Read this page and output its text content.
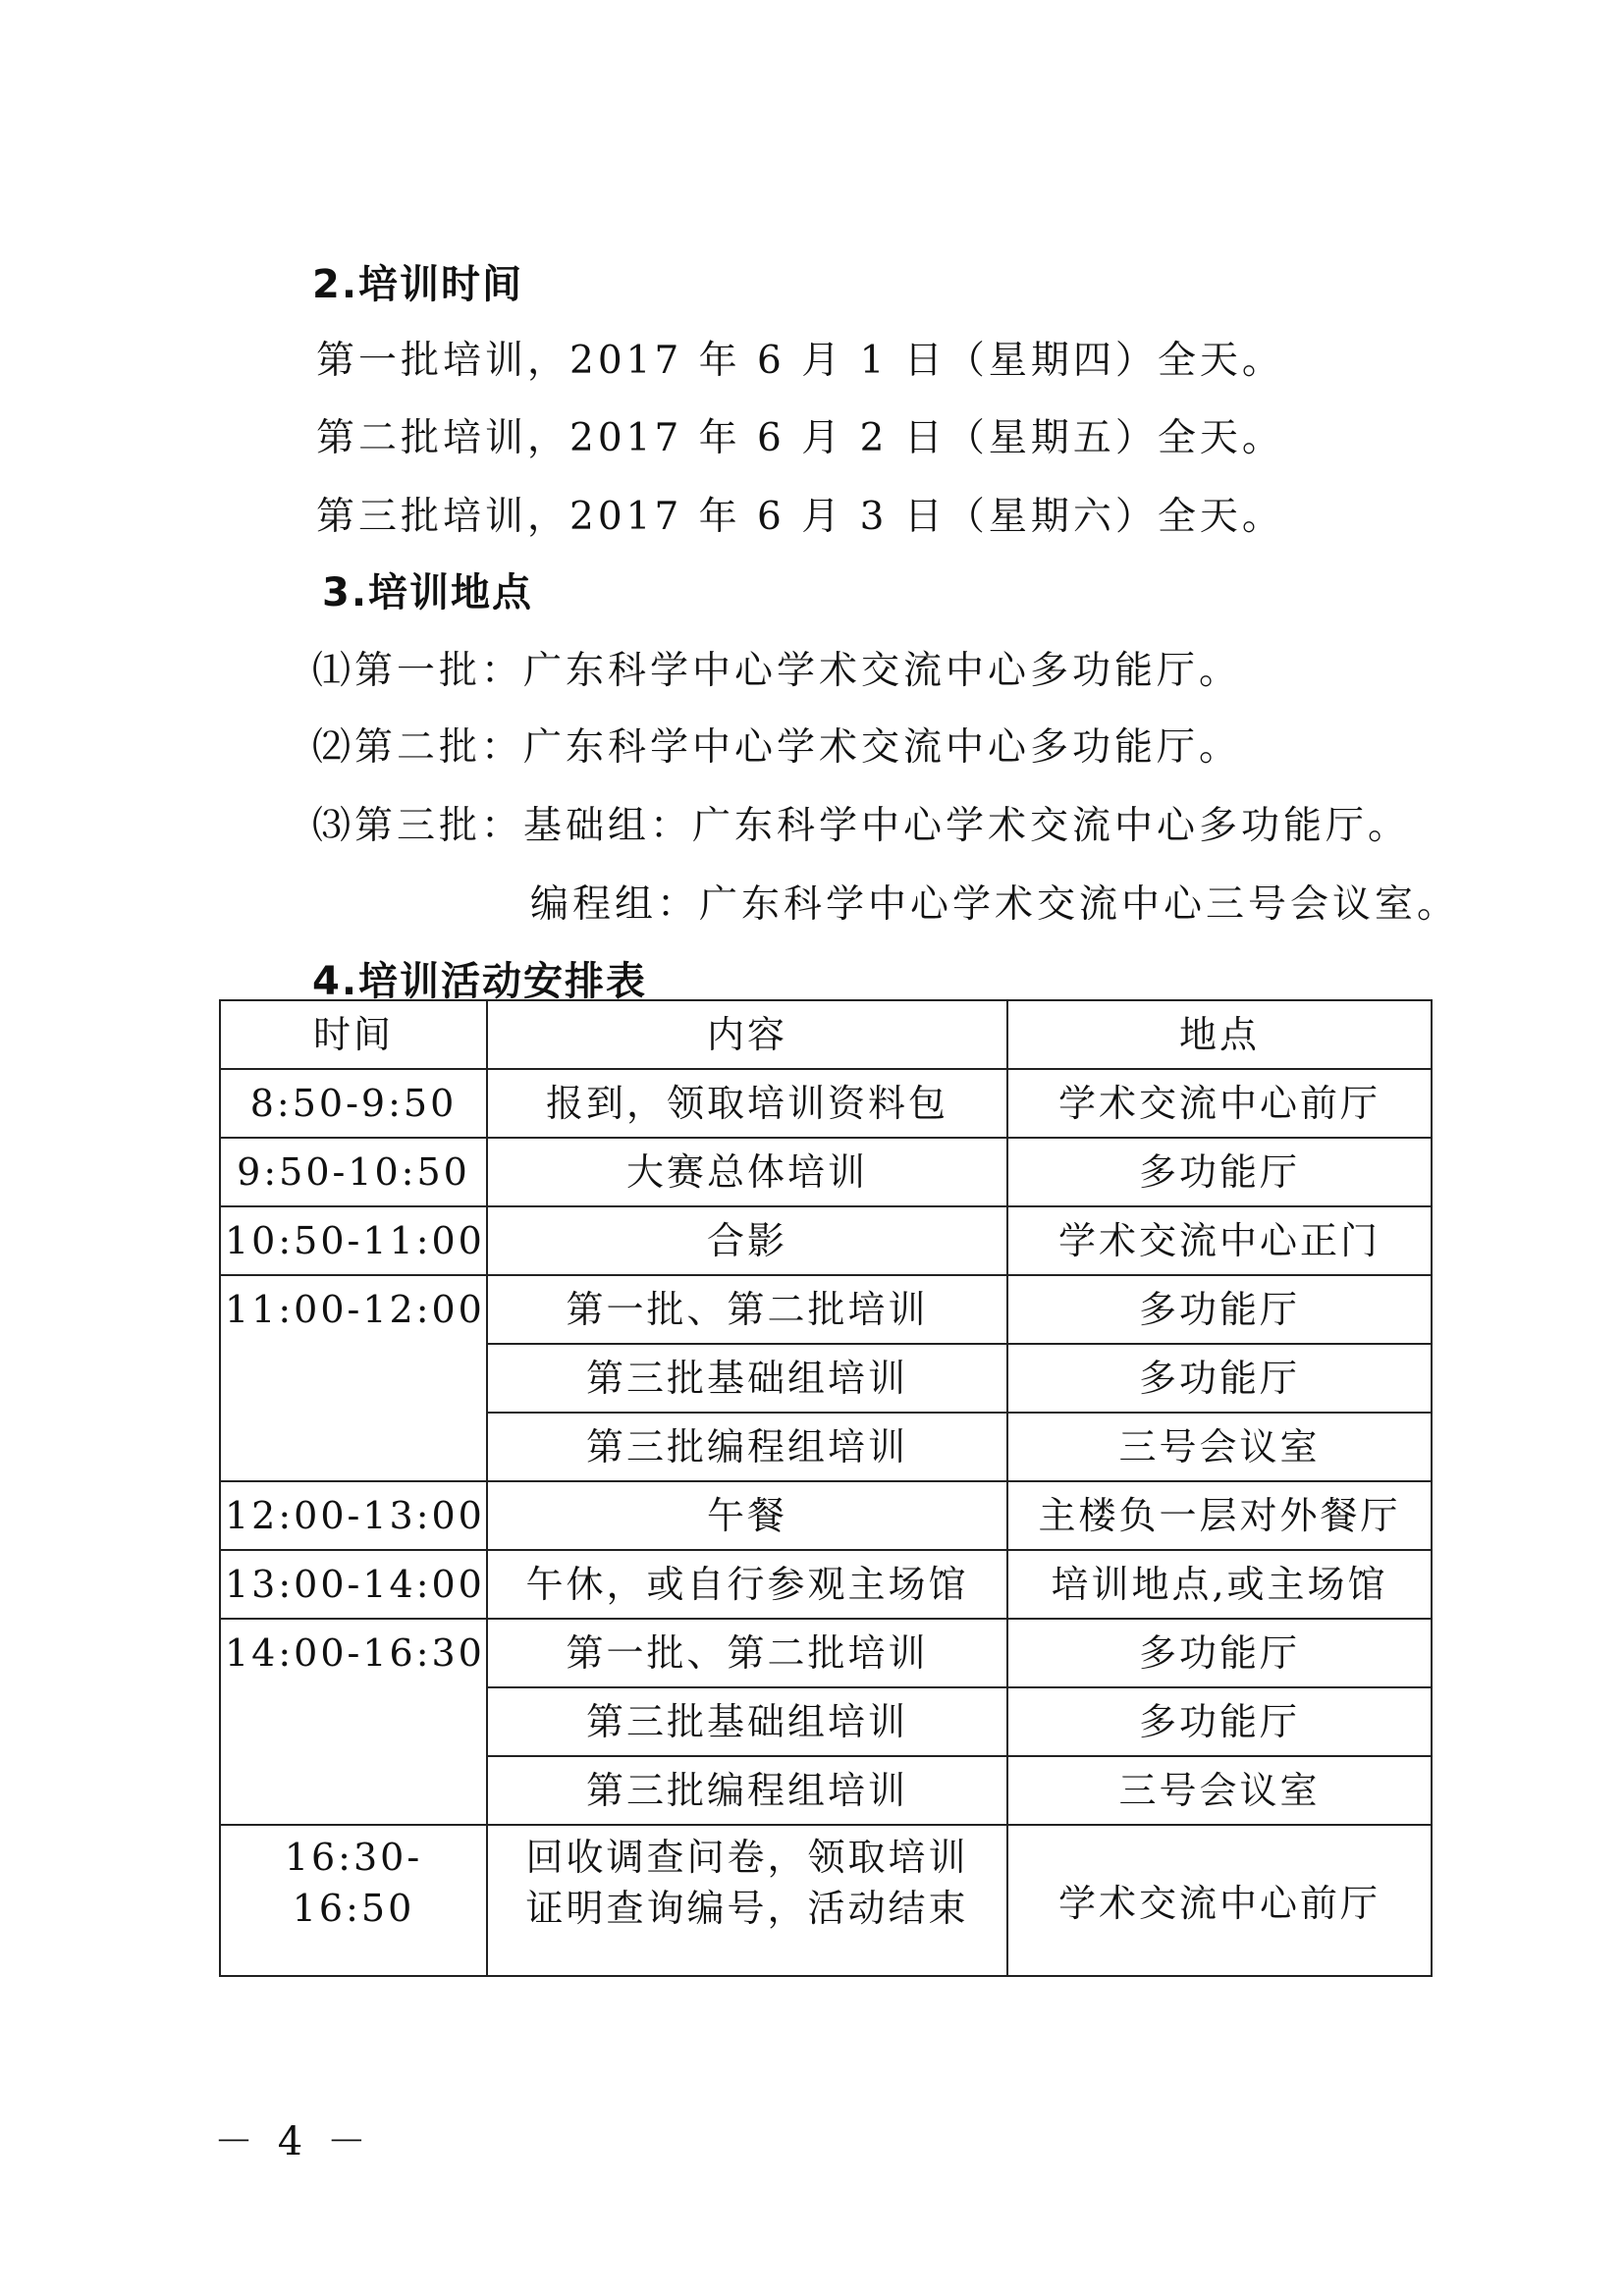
2.培训时间
第一批培训，2017 年 6 月 1 日（星期四）全天。
第二批培训，2017 年 6 月 2 日（星期五）全天。
第三批培训，2017 年 6 月 3 日（星期六）全天。
3.培训地点
⑴第一批：广东科学中心学术交流中心多功能厅。
⑵第二批：广东科学中心学术交流中心多功能厅。
⑶第三批：基础组：广东科学中心学术交流中心多功能厅。
编程组：广东科学中心学术交流中心三号会议室。
4.培训活动安排表
时间	内容	地点
8:50-9:50	报到，领取培训资料包	学术交流中心前厅
9:50-10:50	大赛总体培训	多功能厅
10:50-11:00	合影	学术交流中心正门
11:00-12:00	第一批、第二批培训	多功能厅
	第三批基础组培训	多功能厅
	第三批编程组培训	三号会议室
12:00-13:00	午餐	主楼负一层对外餐厅
13:00-14:00	午休，或自行参观主场馆	培训地点,或主场馆
14:00-16:30	第一批、第二批培训	多功能厅
	第三批基础组培训	多功能厅
	第三批编程组培训	三号会议室
16:30-16:50	回收调查问卷，领取培训证明查询编号，活动结束	学术交流中心前厅
－ 4 －
